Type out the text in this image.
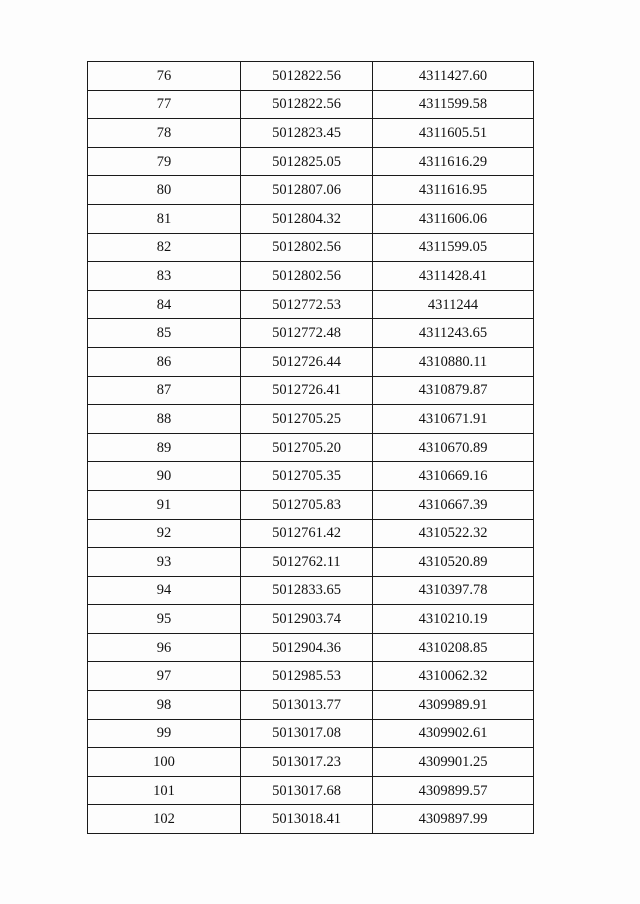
76	5012822.56	4311427.60
77	5012822.56	4311599.58
78	5012823.45	4311605.51
79	5012825.05	4311616.29
80	5012807.06	4311616.95
81	5012804.32	4311606.06
82	5012802.56	4311599.05
83	5012802.56	4311428.41
84	5012772.53	4311244
85	5012772.48	4311243.65
86	5012726.44	4310880.11
87	5012726.41	4310879.87
88	5012705.25	4310671.91
89	5012705.20	4310670.89
90	5012705.35	4310669.16
91	5012705.83	4310667.39
92	5012761.42	4310522.32
93	5012762.11	4310520.89
94	5012833.65	4310397.78
95	5012903.74	4310210.19
96	5012904.36	4310208.85
97	5012985.53	4310062.32
98	5013013.77	4309989.91
99	5013017.08	4309902.61
100	5013017.23	4309901.25
101	5013017.68	4309899.57
102	5013018.41	4309897.99
